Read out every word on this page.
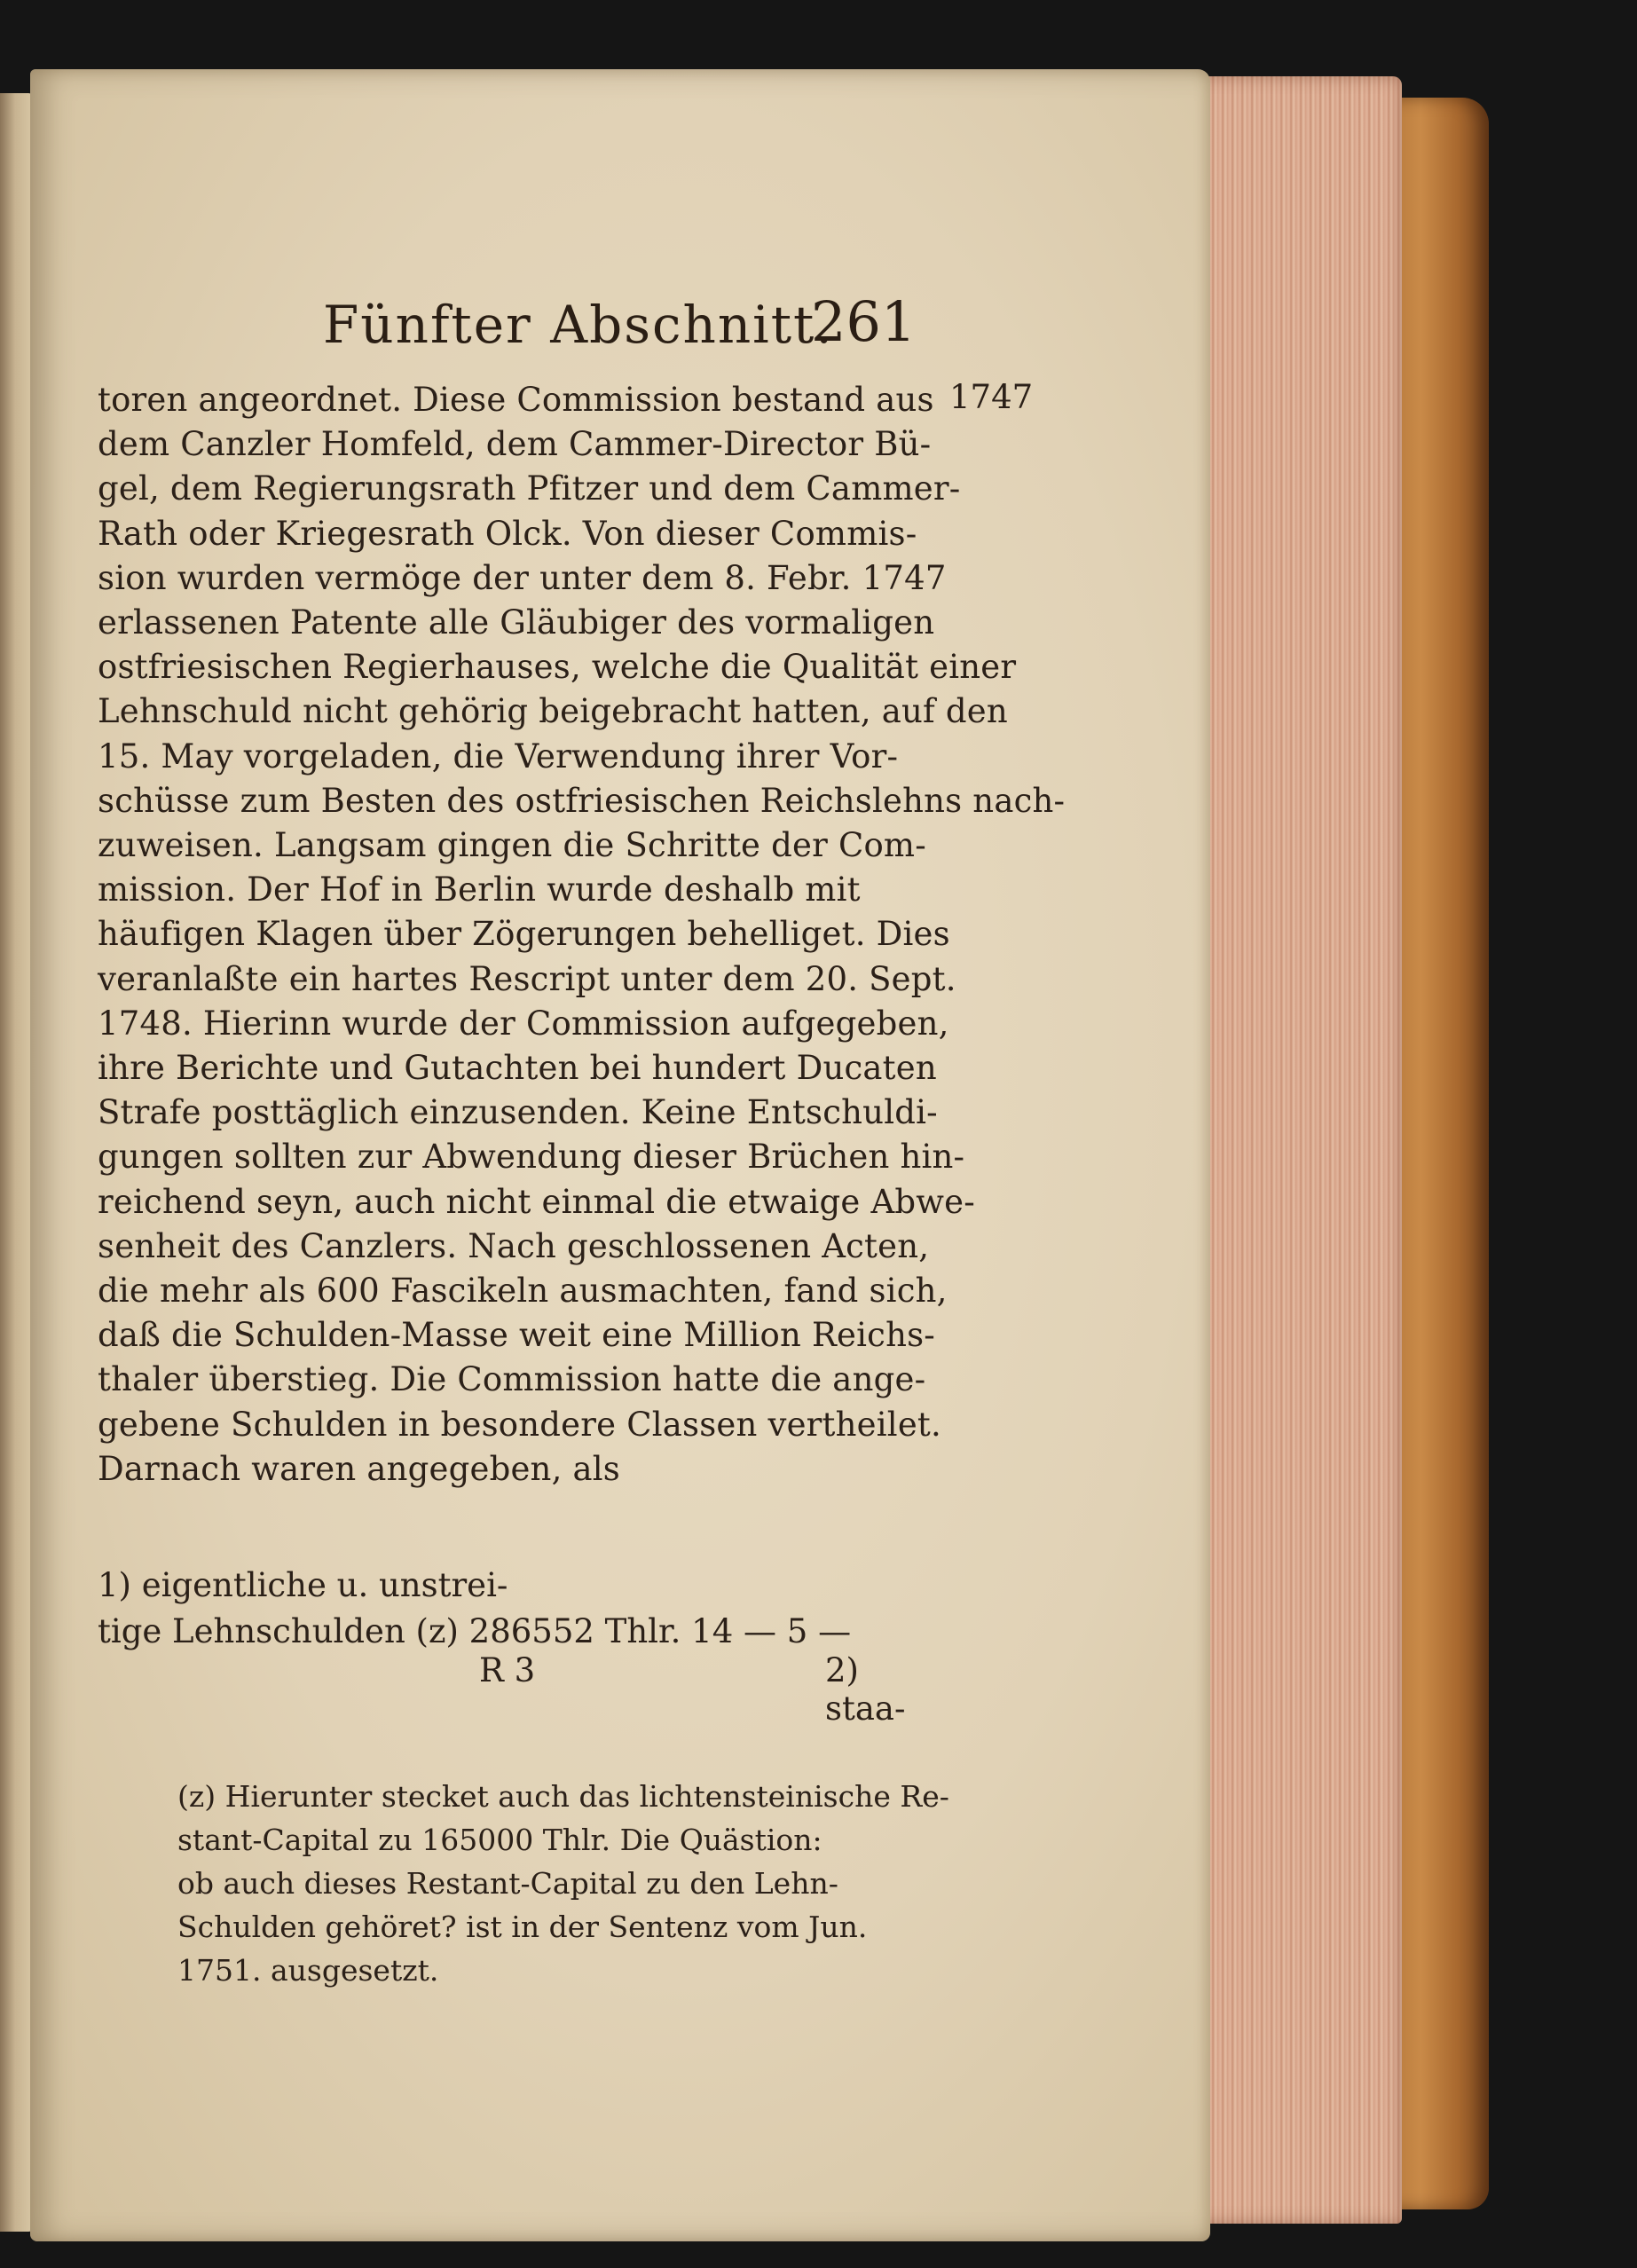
Fünfter Abschnitt.
261
1747
toren angeordnet. Diese Commission bestand aus
dem Canzler Homfeld, dem Cammer-Director Bü-
gel, dem Regierungsrath Pfitzer und dem Cammer-
Rath oder Kriegesrath Olck. Von dieser Commis-
sion wurden vermöge der unter dem 8. Febr. 1747
erlassenen Patente alle Gläubiger des vormaligen
ostfriesischen Regierhauses, welche die Qualität einer
Lehnschuld nicht gehörig beigebracht hatten, auf den
15. May vorgeladen, die Verwendung ihrer Vor-
schüsse zum Besten des ostfriesischen Reichslehns nach-
zuweisen. Langsam gingen die Schritte der Com-
mission. Der Hof in Berlin wurde deshalb mit
häufigen Klagen über Zögerungen behelliget. Dies
veranlaßte ein hartes Rescript unter dem 20. Sept.
1748. Hierinn wurde der Commission aufgegeben,
ihre Berichte und Gutachten bei hundert Ducaten
Strafe posttäglich einzusenden. Keine Entschuldi-
gungen sollten zur Abwendung dieser Brüchen hin-
reichend seyn, auch nicht einmal die etwaige Abwe-
senheit des Canzlers. Nach geschlossenen Acten,
die mehr als 600 Fascikeln ausmachten, fand sich,
daß die Schulden-Masse weit eine Million Reichs-
thaler überstieg. Die Commission hatte die ange-
gebene Schulden in besondere Classen vertheilet.
Darnach waren angegeben, als
1) eigentliche u. unstrei-
tige Lehnschulden (z) 286552 Thlr. 14 — 5 —
R 3	2) staa-
(z) Hierunter stecket auch das lichtensteinische Re-
stant-Capital zu 165000 Thlr. Die Quästion:
ob auch dieses Restant-Capital zu den Lehn-
Schulden gehöret? ist in der Sentenz vom Jun.
1751. ausgesetzt.
